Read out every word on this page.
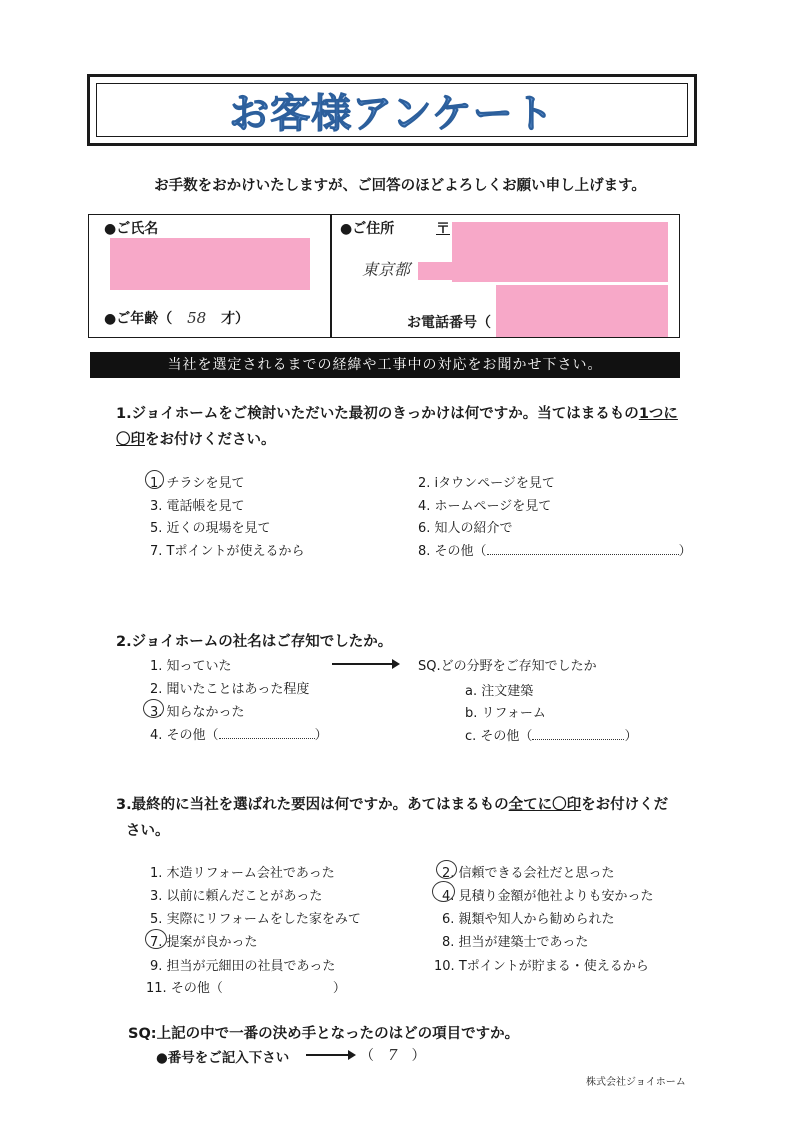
お客様アンケート
お手数をおかけいたしますが、ご回答のほどよろしくお願い申し上げます。
●ご氏名
●ご年齢（ 58 才）
●ご住所	〒
東京都
お電話番号（
当社を選定されるまでの経緯や工事中の対応をお聞かせ下さい。
1.ジョイホームをご検討いただいた最初のきっかけは何ですか。当てはまるもの1つに
〇印をお付けください。
1. チラシを見て	2. iタウンページを見て
3. 電話帳を見て	4. ホームページを見て
5. 近くの現場を見て	6. 知人の紹介で
7. Tポイントが使えるから	8. その他（	）
2.ジョイホームの社名はご存知でしたか。
1. 知っていた	SQ.どの分野をご存知でしたか
2. 聞いたことはあった程度	a. 注文建築
3. 知らなかった	b. リフォーム
4. その他（	）	c. その他（	）
3.最終的に当社を選ばれた要因は何ですか。あてはまるもの全てに〇印をお付けくだ
さい。
1. 木造リフォーム会社であった	2. 信頼できる会社だと思った
3. 以前に頼んだことがあった	4. 見積り金額が他社よりも安かった
5. 実際にリフォームをした家をみて	6. 親類や知人から勧められた
7. 提案が良かった	8. 担当が建築士であった
9. 担当が元細田の社員であった	10. Tポイントが貯まる・使えるから
11. その他（	）
SQ:上記の中で一番の決め手となったのはどの項目ですか。
●番号をご記入下さい	（ 7 ）
株式会社ジョイホーム
